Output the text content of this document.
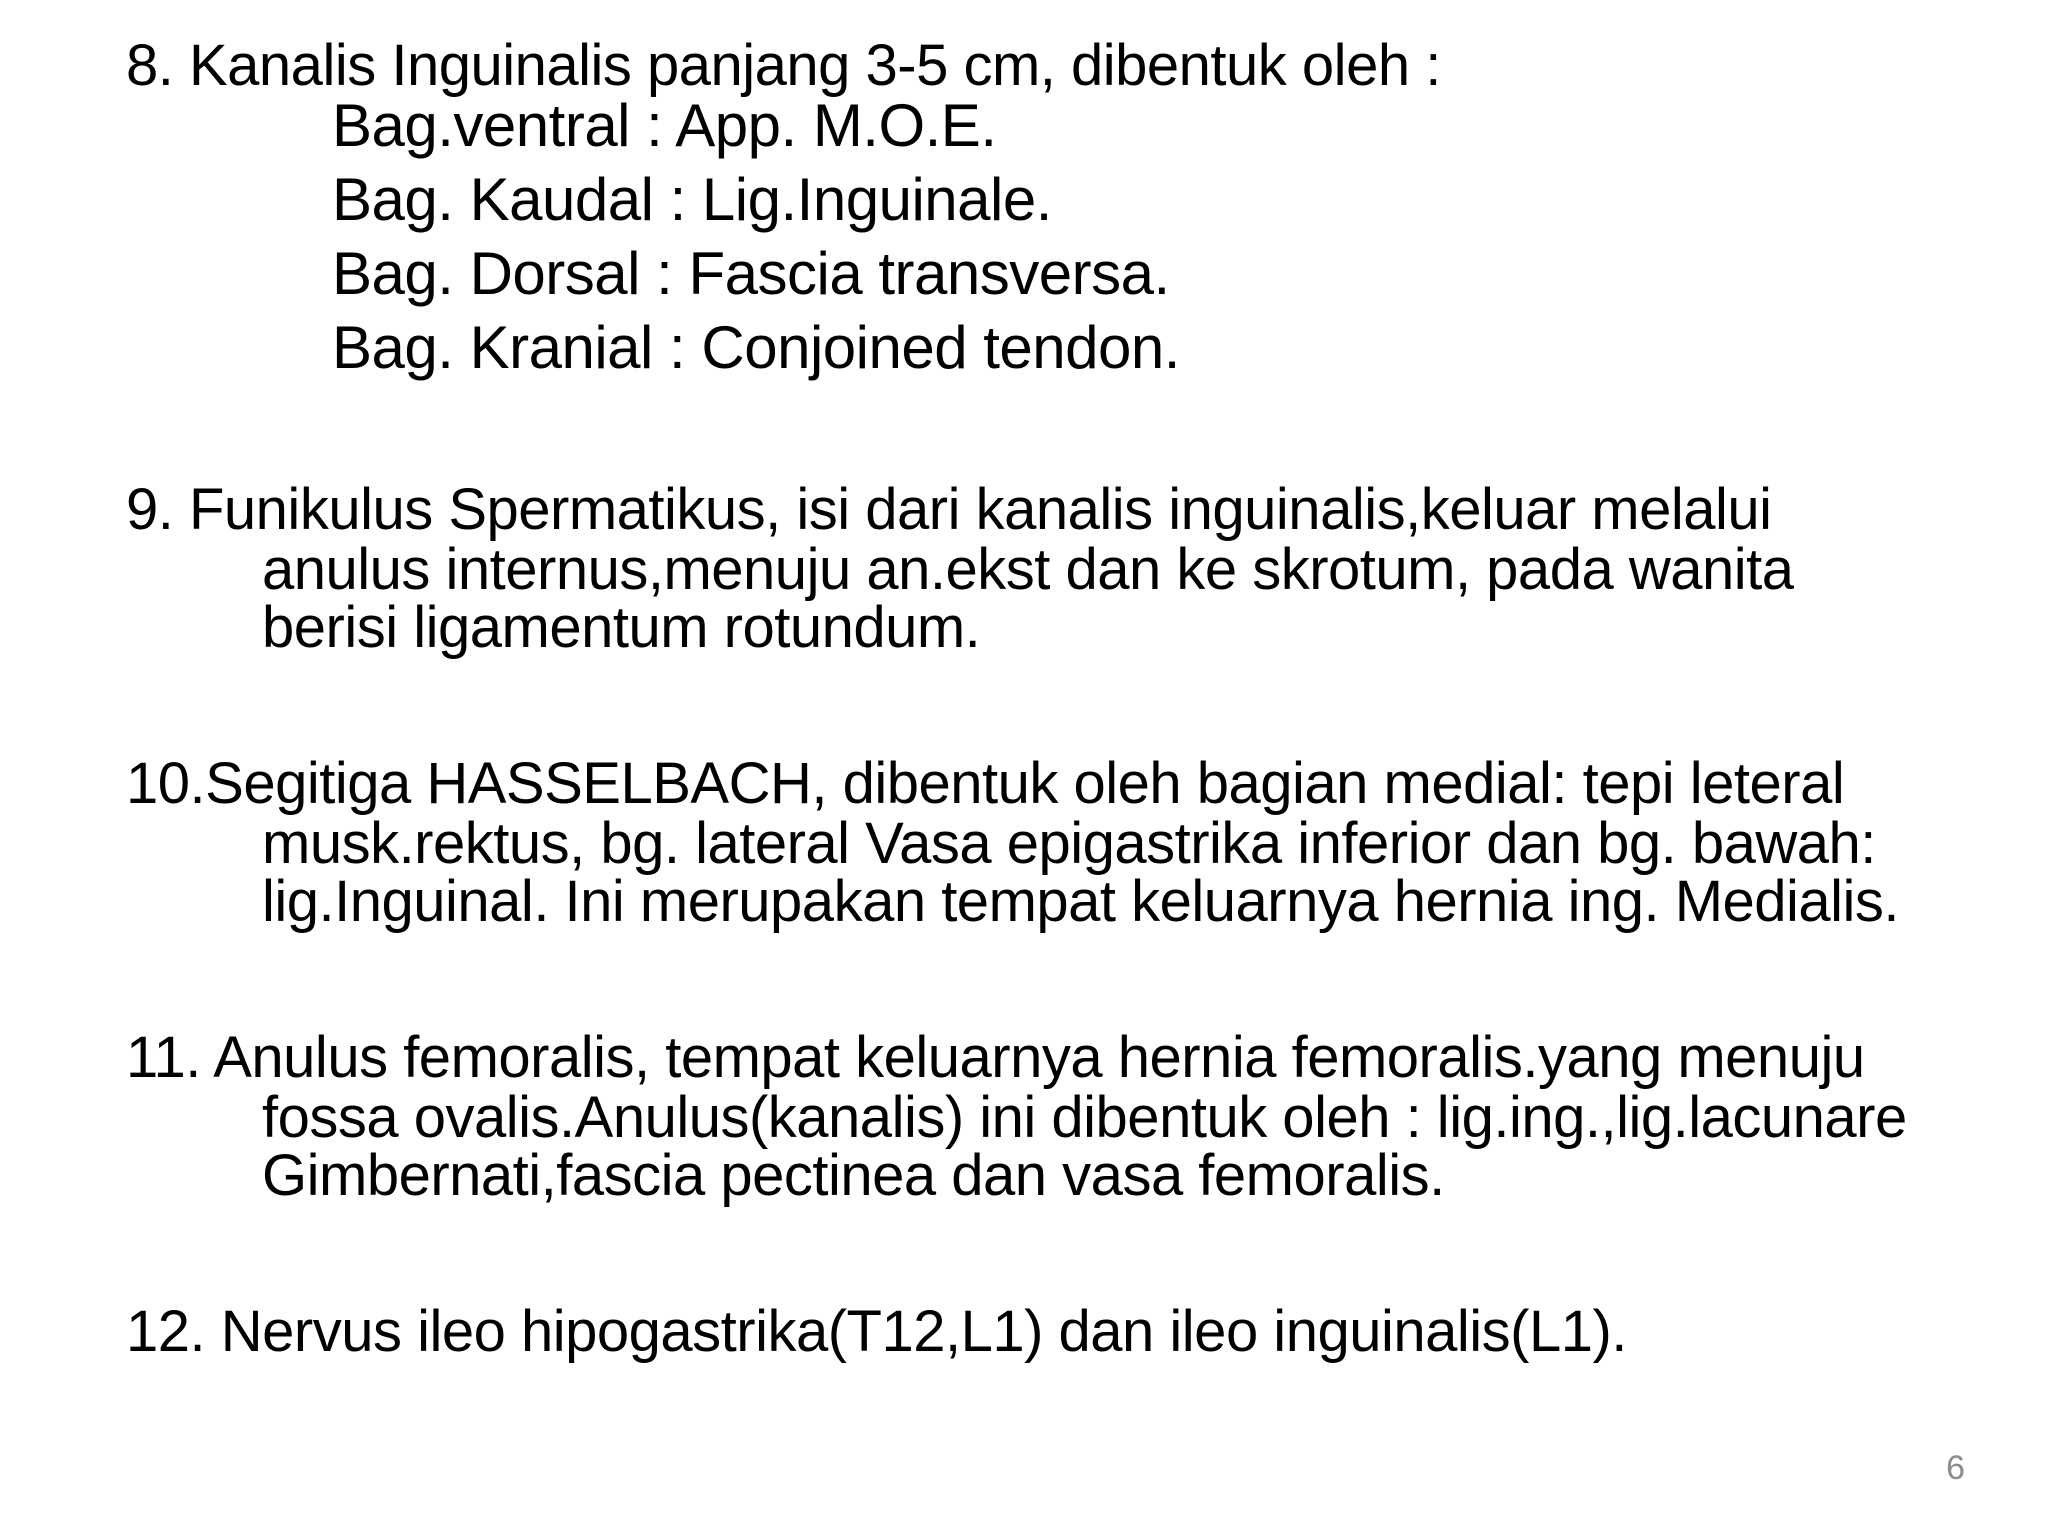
8. Kanalis Inguinalis panjang 3-5 cm, dibentuk oleh :
Bag.ventral : App. M.O.E.
Bag. Kaudal : Lig.Inguinale.
Bag. Dorsal : Fascia transversa.
Bag. Kranial : Conjoined tendon.
9. Funikulus Spermatikus, isi dari kanalis inguinalis,keluar melalui
anulus internus,menuju an.ekst dan ke skrotum, pada wanita
berisi ligamentum rotundum.
10.Segitiga HASSELBACH, dibentuk oleh bagian medial: tepi leteral
musk.rektus, bg. lateral Vasa epigastrika inferior dan bg. bawah:
lig.Inguinal. Ini merupakan tempat keluarnya hernia ing. Medialis.
11. Anulus femoralis, tempat keluarnya hernia femoralis.yang menuju
fossa ovalis.Anulus(kanalis) ini dibentuk oleh : lig.ing.,lig.lacunare
Gimbernati,fascia pectinea dan vasa femoralis.
12. Nervus ileo hipogastrika(T12,L1) dan ileo inguinalis(L1).
6
